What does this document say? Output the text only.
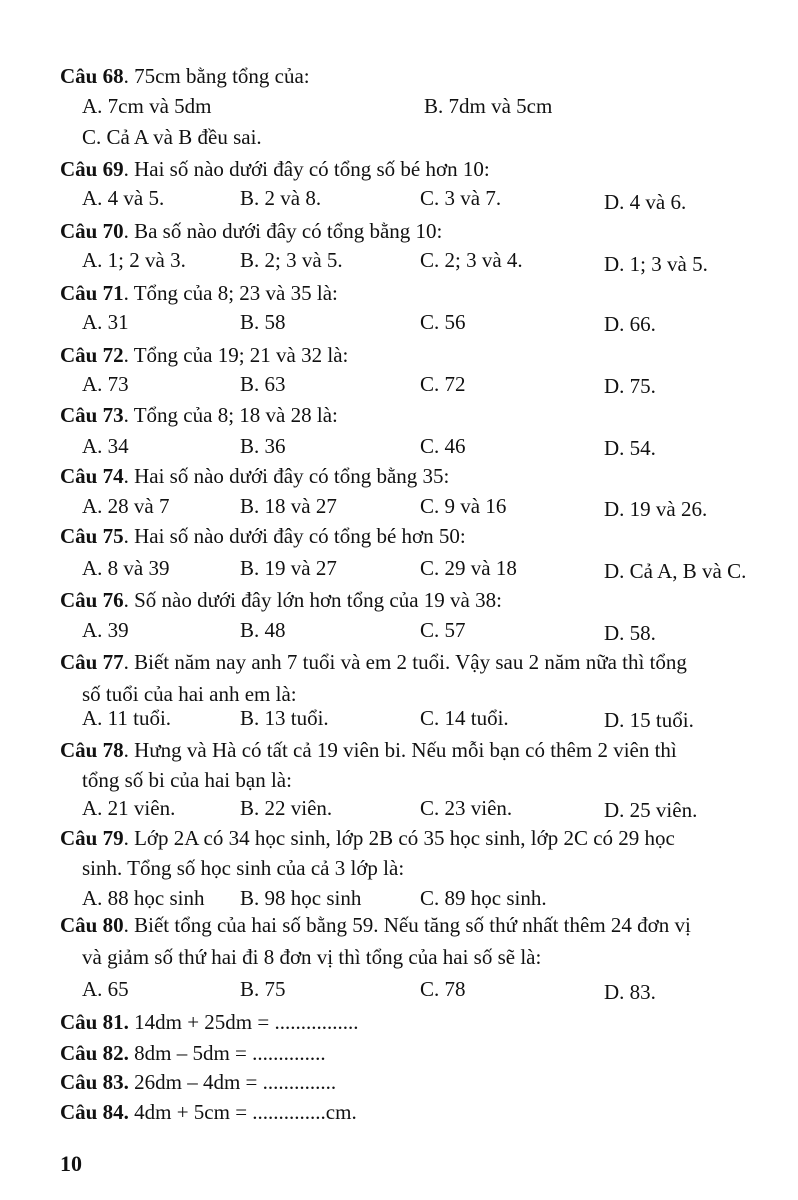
Câu 68. 75cm bằng tổng của:
A. 7cm và 5dm	B. 7dm và 5cm
C. Cả A và B đều sai.
Câu 69. Hai số nào dưới đây có tổng số bé hơn 10:
A. 4 và 5.	B. 2 và 8.	C. 3 và 7.	D. 4 và 6.
Câu 70. Ba số nào dưới đây có tổng bằng 10:
A. 1; 2 và 3.	B. 2; 3 và 5.	C. 2; 3 và 4.	D. 1; 3 và 5.
Câu 71. Tổng của 8; 23 và 35 là:
A. 31	B. 58	C. 56	D. 66.
Câu 72. Tổng của 19; 21 và 32 là:
A. 73	B. 63	C. 72	D. 75.
Câu 73. Tổng của 8; 18 và 28 là:
A. 34	B. 36	C. 46	D. 54.
Câu 74. Hai số nào dưới đây có tổng bằng 35:
A. 28 và 7	B. 18 và 27	C. 9 và 16	D. 19 và 26.
Câu 75. Hai số nào dưới đây có tổng bé hơn 50:
A. 8 và 39	B. 19 và 27	C. 29 và 18	D. Cả A, B và C.
Câu 76. Số nào dưới đây lớn hơn tổng của 19 và 38:
A. 39	B. 48	C. 57	D. 58.
Câu 77. Biết năm nay anh 7 tuổi và em 2 tuổi. Vậy sau 2 năm nữa thì tổng
số tuổi của hai anh em là:
A. 11 tuổi.	B. 13 tuổi.	C. 14 tuổi.	D. 15 tuổi.
Câu 78. Hưng và Hà có tất cả 19 viên bi. Nếu mỗi bạn có thêm 2 viên thì
tổng số bi của hai bạn là:
A. 21 viên.	B. 22 viên.	C. 23 viên.	D. 25 viên.
Câu 79. Lớp 2A có 34 học sinh, lớp 2B có 35 học sinh, lớp 2C có 29 học
sinh. Tổng số học sinh của cả 3 lớp là:
A. 88 học sinh B. 98 học sinh	C. 89 học sinh.
Câu 80. Biết tổng của hai số bằng 59. Nếu tăng số thứ nhất thêm 24 đơn vị
và giảm số thứ hai đi 8 đơn vị thì tổng của hai số sẽ là:
A. 65	B. 75	C. 78	D. 83.
Câu 81. 14dm + 25dm = ................
Câu 82. 8dm – 5dm = ..............
Câu 83. 26dm – 4dm = ..............
Câu 84. 4dm + 5cm = ..............cm.
10
